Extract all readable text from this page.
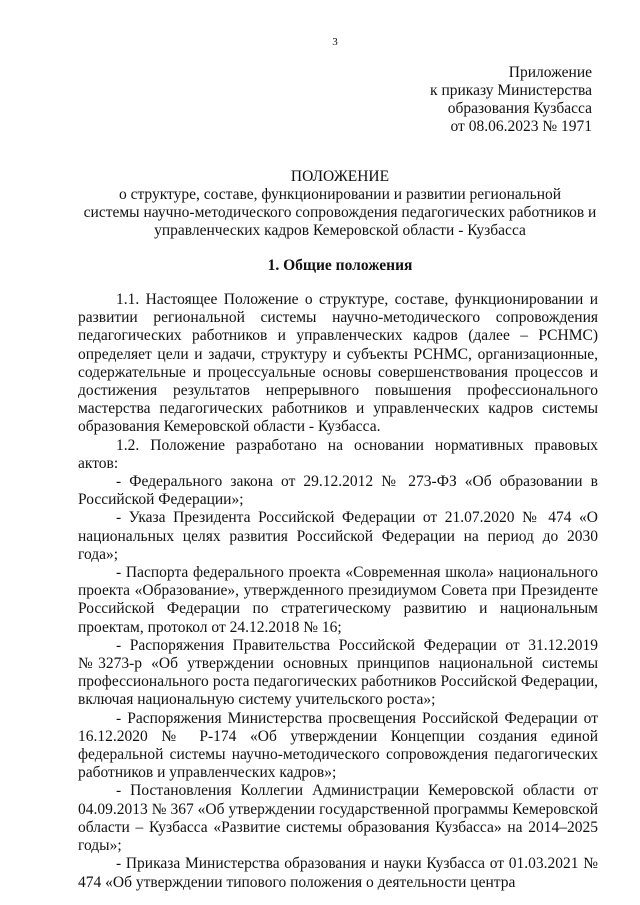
3
Приложение
к приказу Министерства
образования Кузбасса
от 08.06.2023 № 1971
ПОЛОЖЕНИЕ
о структуре, составе, функционировании и развитии региональной
системы научно-методического сопровождения педагогических работников и
управленческих кадров Кемеровской области - Кузбасса
1. Общие положения

1.1. Настоящее Положение о структуре, составе, функционировании и развитии региональной системы научно-методического сопровождения педагогических работников и управленческих кадров (далее – РСНМС) определяет цели и задачи, структуру и субъекты РСНМС, организационные, содержательные и процессуальные основы совершенствования процессов и достижения результатов непрерывного повышения профессионального мастерства педагогических работников и управленческих кадров системы образования Кемеровской области - Кузбасса.

1.2. Положение разработано на основании нормативных правовых актов:

- Федерального закона от 29.12.2012 № 273-ФЗ «Об образовании в Российской Федерации»;

- Указа Президента Российской Федерации от 21.07.2020 № 474 «О национальных целях развития Российской Федерации на период до 2030 года»;

- Паспорта федерального проекта «Современная школа» национального проекта «Образование», утвержденного президиумом Совета при Президенте Российской Федерации по стратегическому развитию и национальным проектам, протокол от 24.12.2018 № 16;

- Распоряжения Правительства Российской Федерации от 31.12.2019 №3273-р «Об утверждении основных принципов национальной системы профессионального роста педагогических работников Российской Федерации, включая национальную систему учительского роста»;

- Распоряжения Министерства просвещения Российской Федерации от 16.12.2020 № Р-174 «Об утверждении Концепции создания единой федеральной системы научно-методического сопровождения педагогических работников и управленческих кадров»;

- Постановления Коллегии Администрации Кемеровской области от 04.09.2013 № 367 «Об утверждении государственной программы Кемеровской области – Кузбасса «Развитие системы образования Кузбасса» на 2014–2025 годы»;

- Приказа Министерства образования и науки Кузбасса от 01.03.2021 № 474 «Об утверждении типового положения о деятельности центра
